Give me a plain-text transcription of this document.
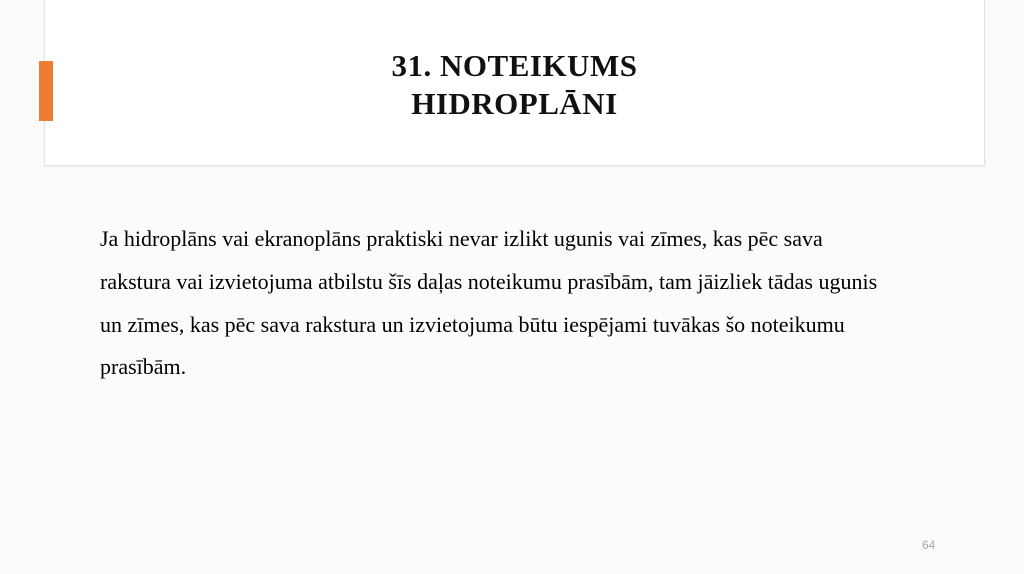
31. NOTEIKUMS
HIDROPLĀNI
Ja hidroplāns vai ekranoplāns praktiski nevar izlikt ugunis vai zīmes, kas pēc sava
rakstura vai izvietojuma atbilstu šīs daļas noteikumu prasībām, tam jāizliek tādas ugunis
un zīmes, kas pēc sava rakstura un izvietojuma būtu iespējami tuvākas šo noteikumu
prasībām.
64
